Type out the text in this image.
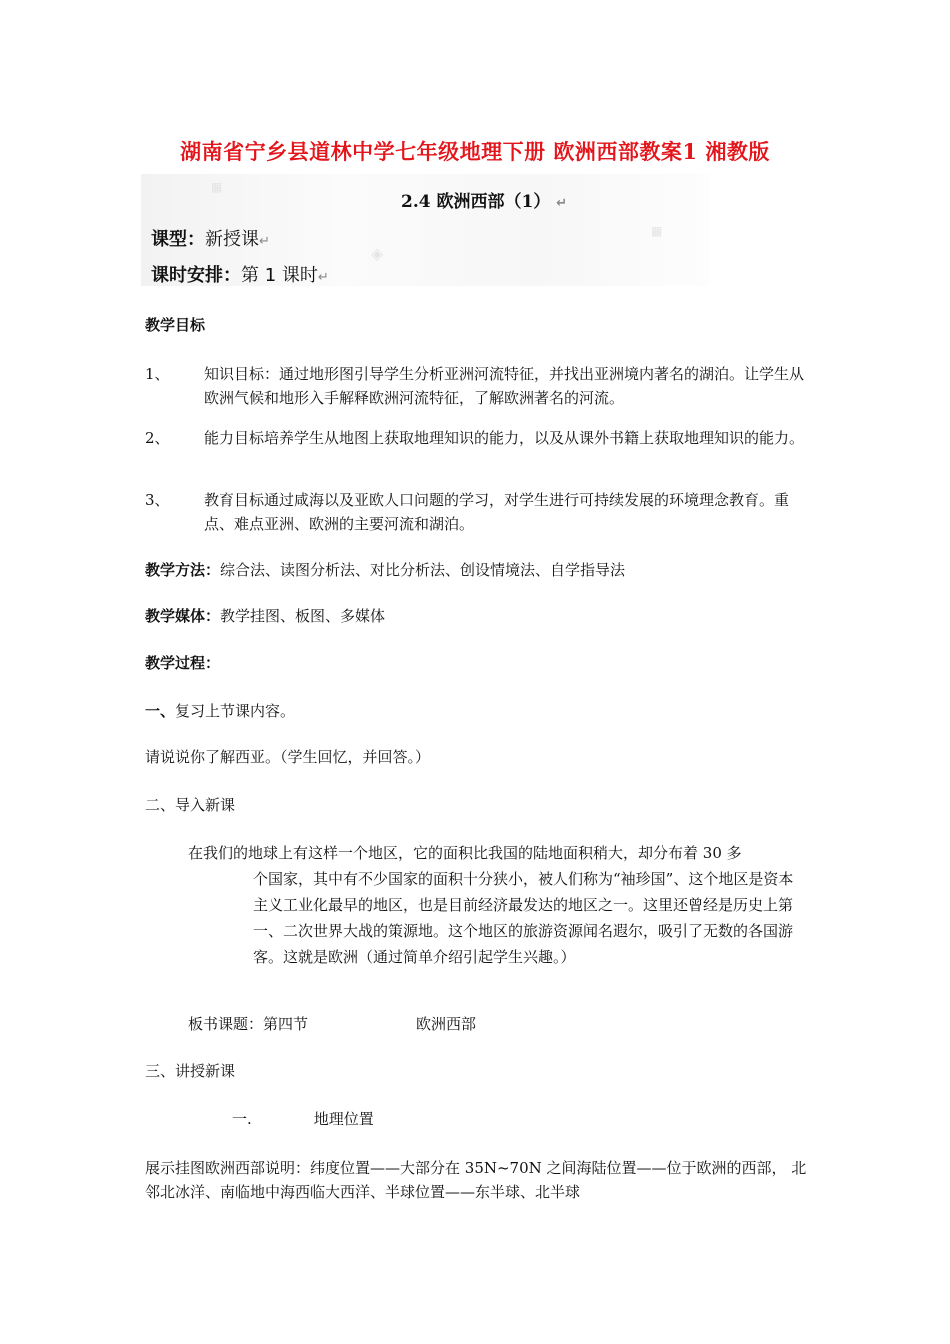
湖南省宁乡县道林中学七年级地理下册 欧洲西部教案1 湘教版
▦
◈
▦
2.4 欧洲西部（1） ↵
课型：新授课↵
课时安排：第 1 课时↵
教学目标
1、 知识目标：通过地形图引导学生分析亚洲河流特征，并找出亚洲境内著名的湖泊。让学生从欧洲气候和地形入手解释欧洲河流特征，了解欧洲著名的河流。
2、 能力目标培养学生从地图上获取地理知识的能力，以及从课外书籍上获取地理知识的能力。
3、 教育目标通过咸海以及亚欧人口问题的学习，对学生进行可持续发展的环境理念教育。重点、难点亚洲、欧洲的主要河流和湖泊。
教学方法：综合法、读图分析法、对比分析法、创设情境法、自学指导法
教学媒体：教学挂图、板图、多媒体
教学过程：
一、复习上节课内容。
请说说你了解西亚。（学生回忆，并回答。）
二、导入新课
在我们的地球上有这样一个地区，它的面积比我国的陆地面积稍大，却分布着 30 多
个国家，其中有不少国家的面积十分狭小，被人们称为“袖珍国”、这个地区是资本主义工业化最早的地区，也是目前经济最发达的地区之一。这里还曾经是历史上第一、二次世界大战的策源地。这个地区的旅游资源闻名遐尔，吸引了无数的各国游客。这就是欧洲（通过简单介绍引起学生兴趣。）
板书课题：第四节	欧洲西部
三、讲授新课
一.	地理位置
展示挂图欧洲西部说明：纬度位置——大部分在 35N~70N 之间海陆位置——位于欧洲的西部， 北邻北冰洋、南临地中海西临大西洋、半球位置——东半球、北半球
